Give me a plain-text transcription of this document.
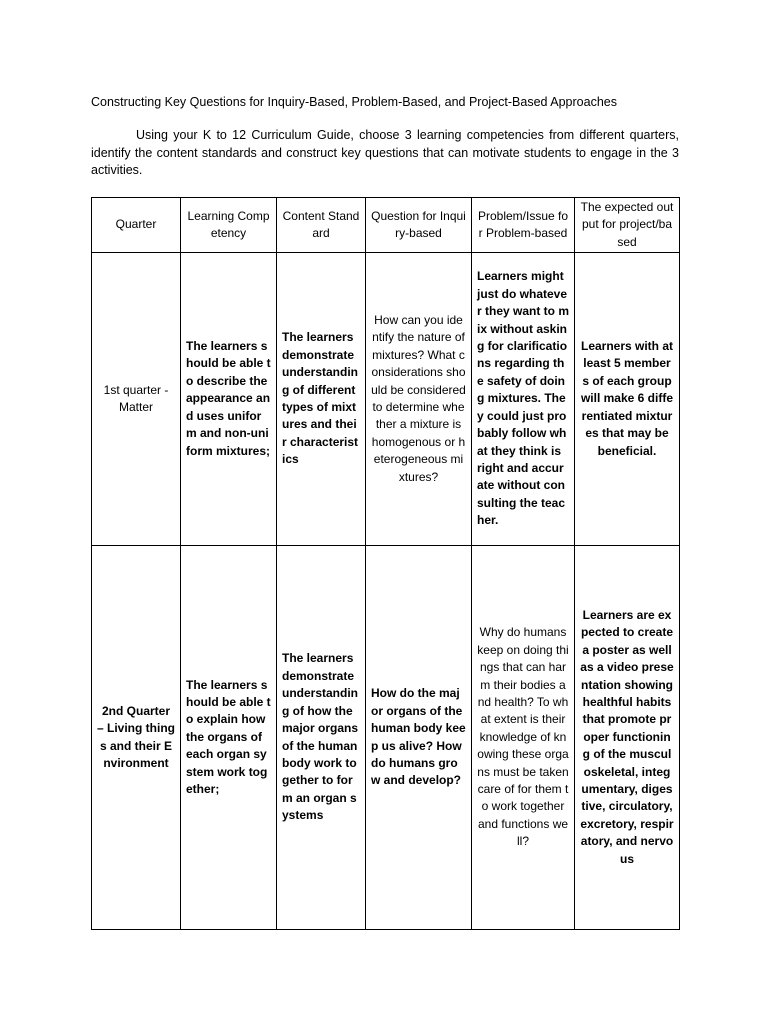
Constructing Key Questions for Inquiry-Based, Problem-Based, and Project-Based Approaches
Using your K to 12 Curriculum Guide, choose 3 learning competencies from different quarters, identify the content standards and construct key questions that can motivate students to engage in the 3 activities.
Quarter	Learning Competency	Content Standard	Question for Inquiry-based	Problem/Issue for Problem-based	The expected output for project/based
1st quarter - Matter	The learners should be able to describe the appearance and uses uniform and non-uniform mixtures;	The learners demonstrate understanding of different types of mixtures and their characteristics	How can you identify the nature of mixtures? What considerations should be considered to determine whether a mixture is homogenous or heterogeneous mixtures?	Learners might just do whatever they want to mix without asking for clarifications regarding the safety of doing mixtures. They could just probably follow what they think is right and accurate without consulting the teacher.	Learners with at least 5 members of each group will make 6 differentiated mixtures that may be beneficial.
2nd Quarter – Living things and their Environment	The learners should be able to explain how the organs of each organ system work together;	The learners demonstrate understanding of how the major organs of the human body work together to form an organ systems	How do the major organs of the human body keep us alive? How do humans grow and develop?	Why do humans keep on doing things that can harm their bodies and health? To what extent is their knowledge of knowing these organs must be taken care of for them to work together and functions well?	Learners are expected to create a poster as well as a video presentation showing healthful habits that promote proper functioning of the musculoskeletal, integumentary, digestive, circulatory, excretory, respiratory, and nervous
